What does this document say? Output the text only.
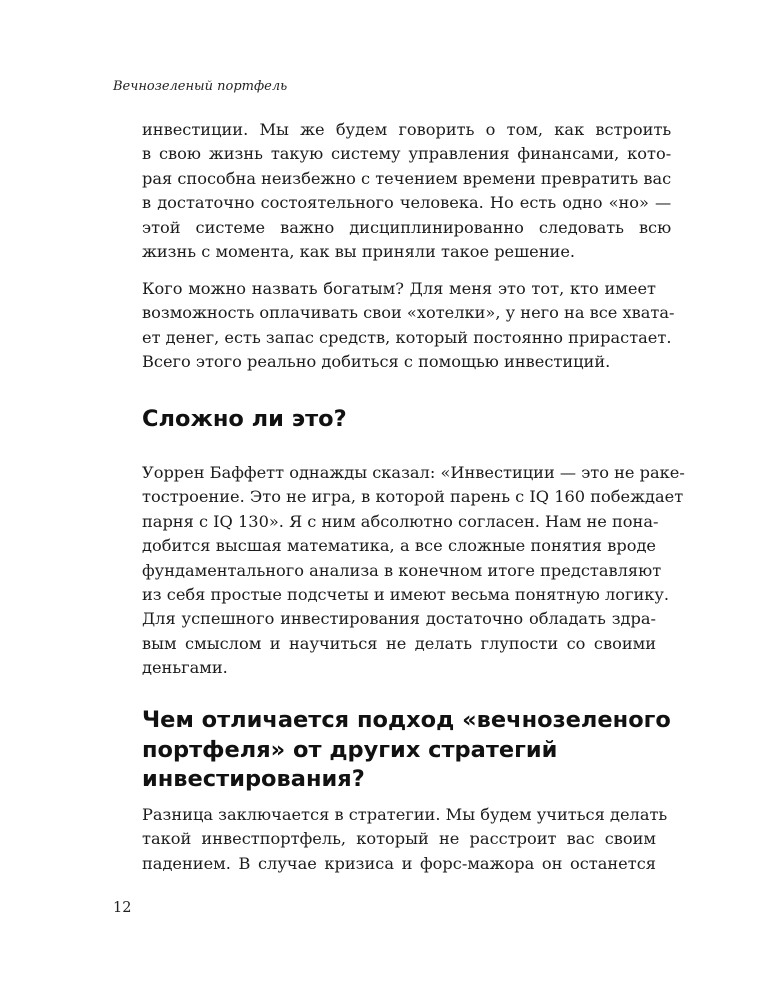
Вечнозеленый портфель
инвестиции. Мы же будем говорить о том, как встроить
в свою жизнь такую систему управления финансами, кото-
рая способна неизбежно с течением времени превратить вас
в достаточно состоятельного человека. Но есть одно «но» —
этой системе важно дисциплинированно следовать всю
жизнь с момента, как вы приняли такое решение.
Кого можно назвать богатым? Для меня это тот, кто имеет
возможность оплачивать свои «хотелки», у него на все хвата-
ет денег, есть запас средств, который постоянно прирастает.
Всего этого реально добиться с помощью инвестиций.
Сложно ли это?
Уоррен Баффетт однажды сказал: «Инвестиции — это не раке-
тостроение. Это не игра, в которой парень с IQ 160 побеждает
парня с IQ 130». Я с ним абсолютно согласен. Нам не пона-
добится высшая математика, а все сложные понятия вроде
фундаментального анализа в конечном итоге представляют
из себя простые подсчеты и имеют весьма понятную логику.
Для успешного инвестирования достаточно обладать здра-
вым смыслом и научиться не делать глупости со своими
деньгами.
Чем отличается подход «вечнозеленого
портфеля» от других стратегий
инвестирования?
Разница заключается в стратегии. Мы будем учиться делать
такой инвестпортфель, который не расстроит вас своим
падением. В случае кризиса и форс-мажора он останется
12
